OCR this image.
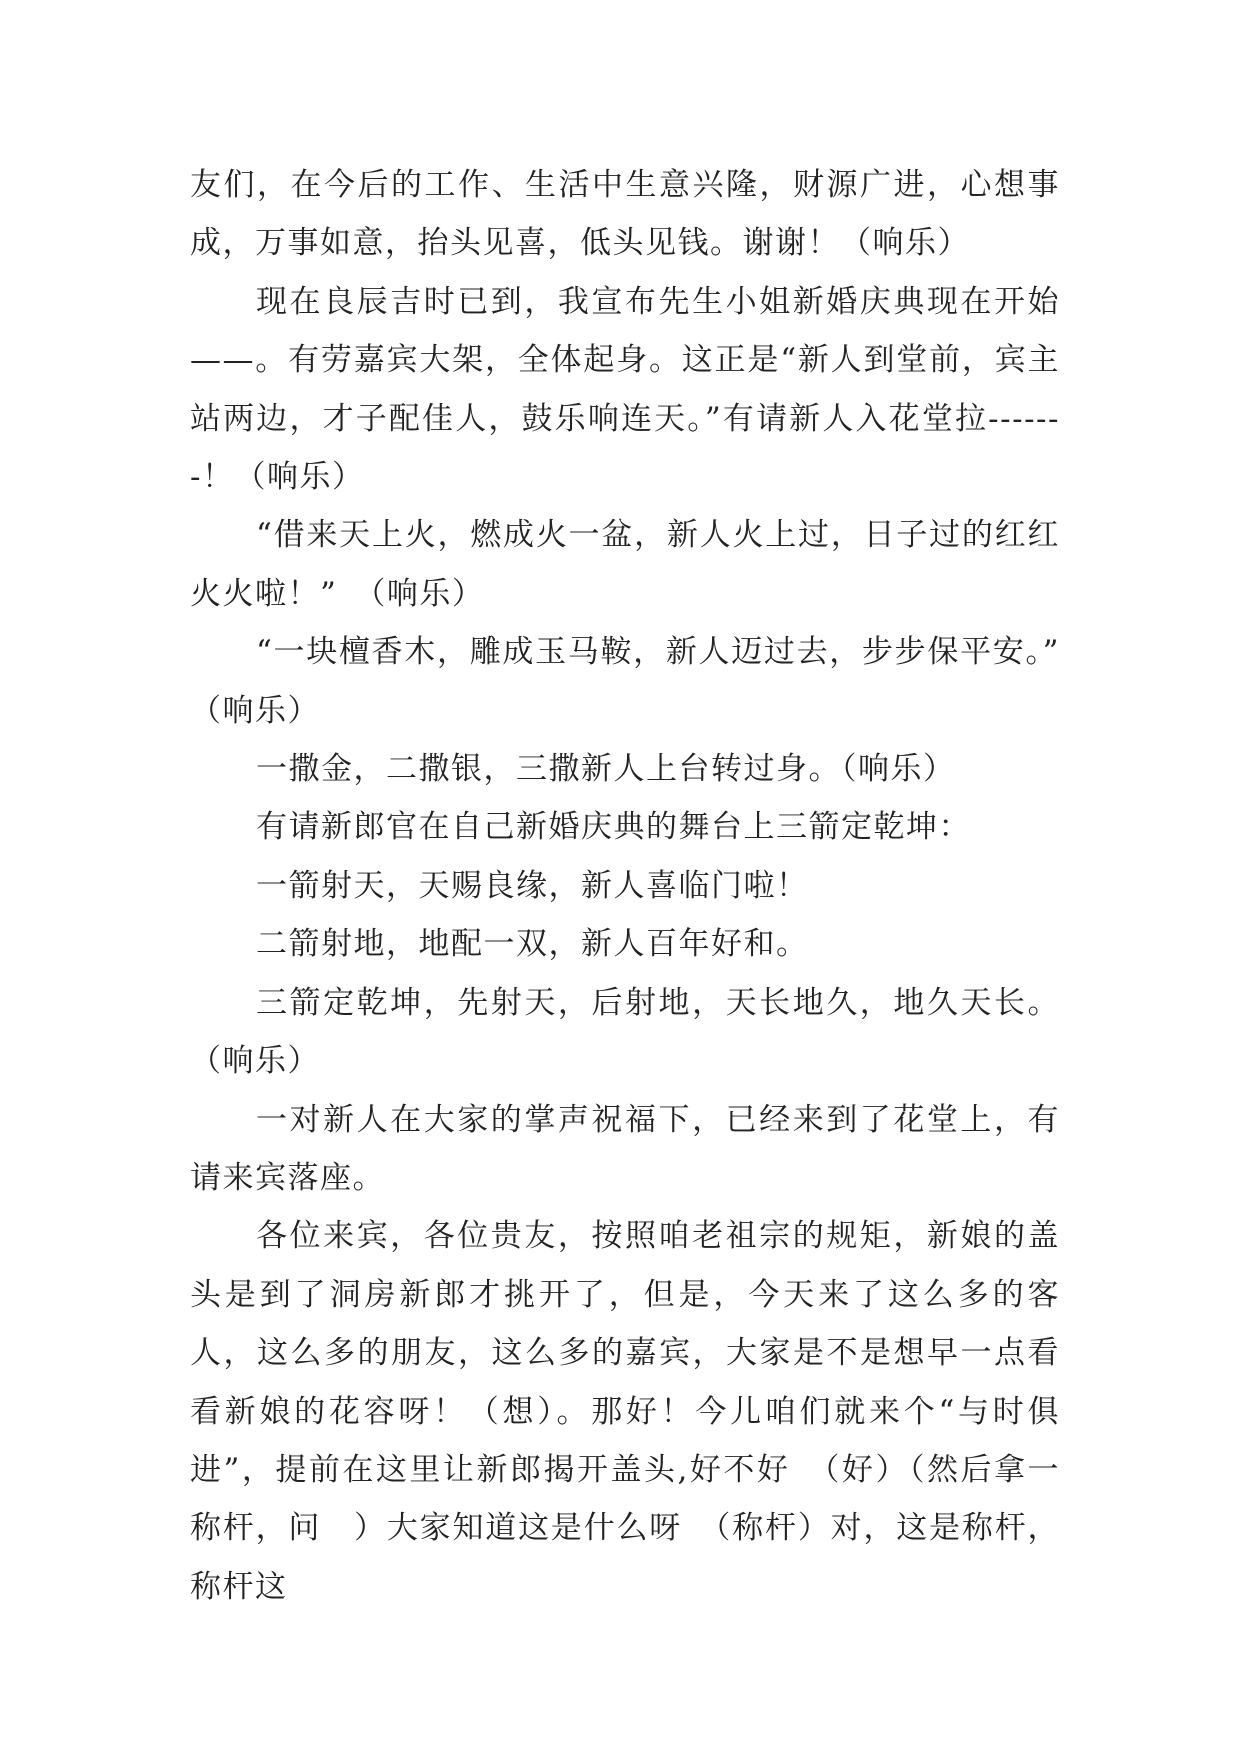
友们，在今后的工作、生活中生意兴隆，财源广进，心想事成，万事如意，抬头见喜，低头见钱。谢谢！（响乐）

现在良辰吉时已到，我宣布先生小姐新婚庆典现在开始——。有劳嘉宾大架，全体起身。这正是“新人到堂前，宾主站两边，才子配佳人，鼓乐响连天。”有请新人入花堂拉-------！（响乐）

“借来天上火，燃成火一盆，新人火上过，日子过的红红火火啦！”　（响乐）

“一块檀香木，雕成玉马鞍，新人迈过去，步步保平安。”　（响乐）

一撒金，二撒银，三撒新人上台转过身。（响乐）

有请新郎官在自己新婚庆典的舞台上三箭定乾坤：

一箭射天，天赐良缘，新人喜临门啦！

二箭射地，地配一双，新人百年好和。

三箭定乾坤，先射天，后射地，天长地久，地久天长。（响乐）

一对新人在大家的掌声祝福下，已经来到了花堂上，有请来宾落座。

各位来宾，各位贵友，按照咱老祖宗的规矩，新娘的盖头是到了洞房新郎才挑开了，但是，今天来了这么多的客人，这么多的朋友，这么多的嘉宾，大家是不是想早一点看看新娘的花容呀！（想）。那好！今儿咱们就来个“与时俱进”，提前在这里让新郎揭开盖头,好不好　（好）（然后拿一称杆，问　）大家知道这是什么呀　（称杆）对，这是称杆，称杆这
